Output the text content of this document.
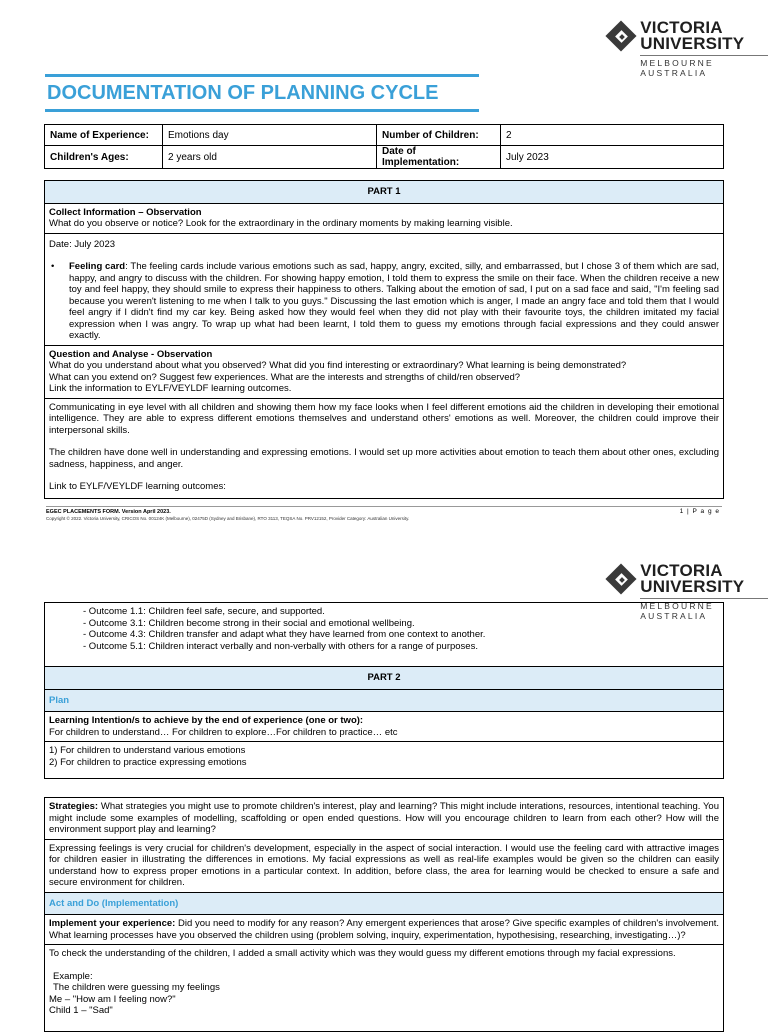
VICTORIA
UNIVERSITY
MELBOURNE AUSTRALIA
DOCUMENTATION OF PLANNING CYCLE
Name of Experience:	Emotions day	Number of Children:	2
Children's Ages:	2 years old	Date of Implementation:	July 2023
PART 1
Collect Information – Observation
What do you observe or notice? Look for the extraordinary in the ordinary moments by making learning visible.
Date: July 2023
•	Feeling card: The feeling cards include various emotions such as sad, happy, angry, excited, silly, and embarrassed, but I chose 3 of them which are sad, happy, and angry to discuss with the children. For showing happy emotion, I told them to express the smile on their face. When the children receive a new toy and feel happy, they should smile to express their happiness to others. Talking about the emotion of sad, I put on a sad face and said, "I'm feeling sad because you weren't listening to me when I talk to you guys." Discussing the last emotion which is anger, I made an angry face and told them that I would feel angry if I didn't find my car key. Being asked how they would feel when they did not play with their favourite toys, the children imitated my facial expression when I was angry. To wrap up what had been learnt, I told them to guess my emotions through facial expressions and they could answer exactly.
Question and Analyse - Observation
What do you understand about what you observed? What did you find interesting or extraordinary? What learning is being demonstrated?
What can you extend on? Suggest few experiences. What are the interests and strengths of child/ren observed?
Link the information to EYLF/VEYLDF learning outcomes.
Communicating in eye level with all children and showing them how my face looks when I feel different emotions aid the children in developing their emotional intelligence. They are able to express different emotions themselves and understand others' emotions as well. Moreover, the children could improve their interpersonal skills.
The children have done well in understanding and expressing emotions. I would set up more activities about emotion to teach them about other ones, excluding sadness, happiness, and anger.
Link to EYLF/VEYLDF learning outcomes:
EGEC PLACEMENTS FORM. Version April 2023.
Copyright © 2022. Victoria University, CRICOS No. 00124K (Melbourne), 02475D (Sydney and Brisbane), RTO 3113, TEQSA No. PRV12152, Provider Category: Australian University.
1 | P a g e
VICTORIA
UNIVERSITY
MELBOURNE AUSTRALIA
- Outcome 1.1: Children feel safe, secure, and supported.
- Outcome 3.1: Children become strong in their social and emotional wellbeing.
- Outcome 4.3: Children transfer and adapt what they have learned from one context to another.
- Outcome 5.1: Children interact verbally and non-verbally with others for a range of purposes.
PART 2
Plan
Learning Intention/s to achieve by the end of experience (one or two):
For children to understand… For children to explore…For children to practice… etc
1) For children to understand various emotions
2) For children to practice expressing emotions
Strategies: What strategies you might use to promote children's interest, play and learning? This might include interations, resources, intentional teaching. You might include some examples of modelling, scaffolding or open ended questions. How will you encourage children to learn from each other? How will the environment support play and learning?
Expressing feelings is very crucial for children's development, especially in the aspect of social interaction. I would use the feeling card with attractive images for children easier in illustrating the differences in emotions. My facial expressions as well as real-life examples would be given so the children can easily understand how to express proper emotions in a particular context. In addition, before class, the area for learning would be checked to ensure a safe and secure environment for children.
Act and Do (Implementation)
Implement your experience: Did you need to modify for any reason? Any emergent experiences that arose? Give specific examples of children's involvement. What learning processes have you observed the children using (problem solving, inquiry, experimentation, hypothesising, researching, investigating…)?
To check the understanding of the children, I added a small activity which was they would guess my different emotions through my facial expressions.
Example:
The children were guessing my feelings
Me – "How am I feeling now?"
Child 1 – "Sad"
